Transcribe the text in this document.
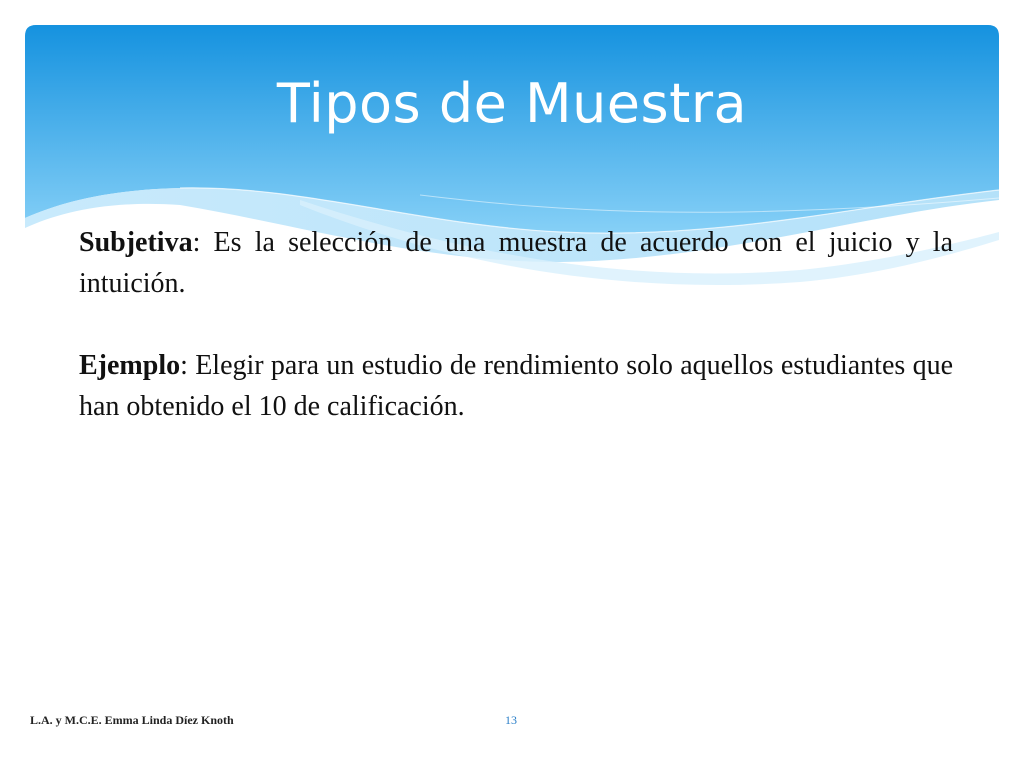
Tipos de Muestra

Subjetiva: Es la selección de una muestra de acuerdo con el juicio y la intuición.

Ejemplo: Elegir para un estudio de rendimiento solo aquellos estudiantes que han obtenido el 10 de calificación.

L.A. y M.C.E. Emma Linda Díez Knoth	13
